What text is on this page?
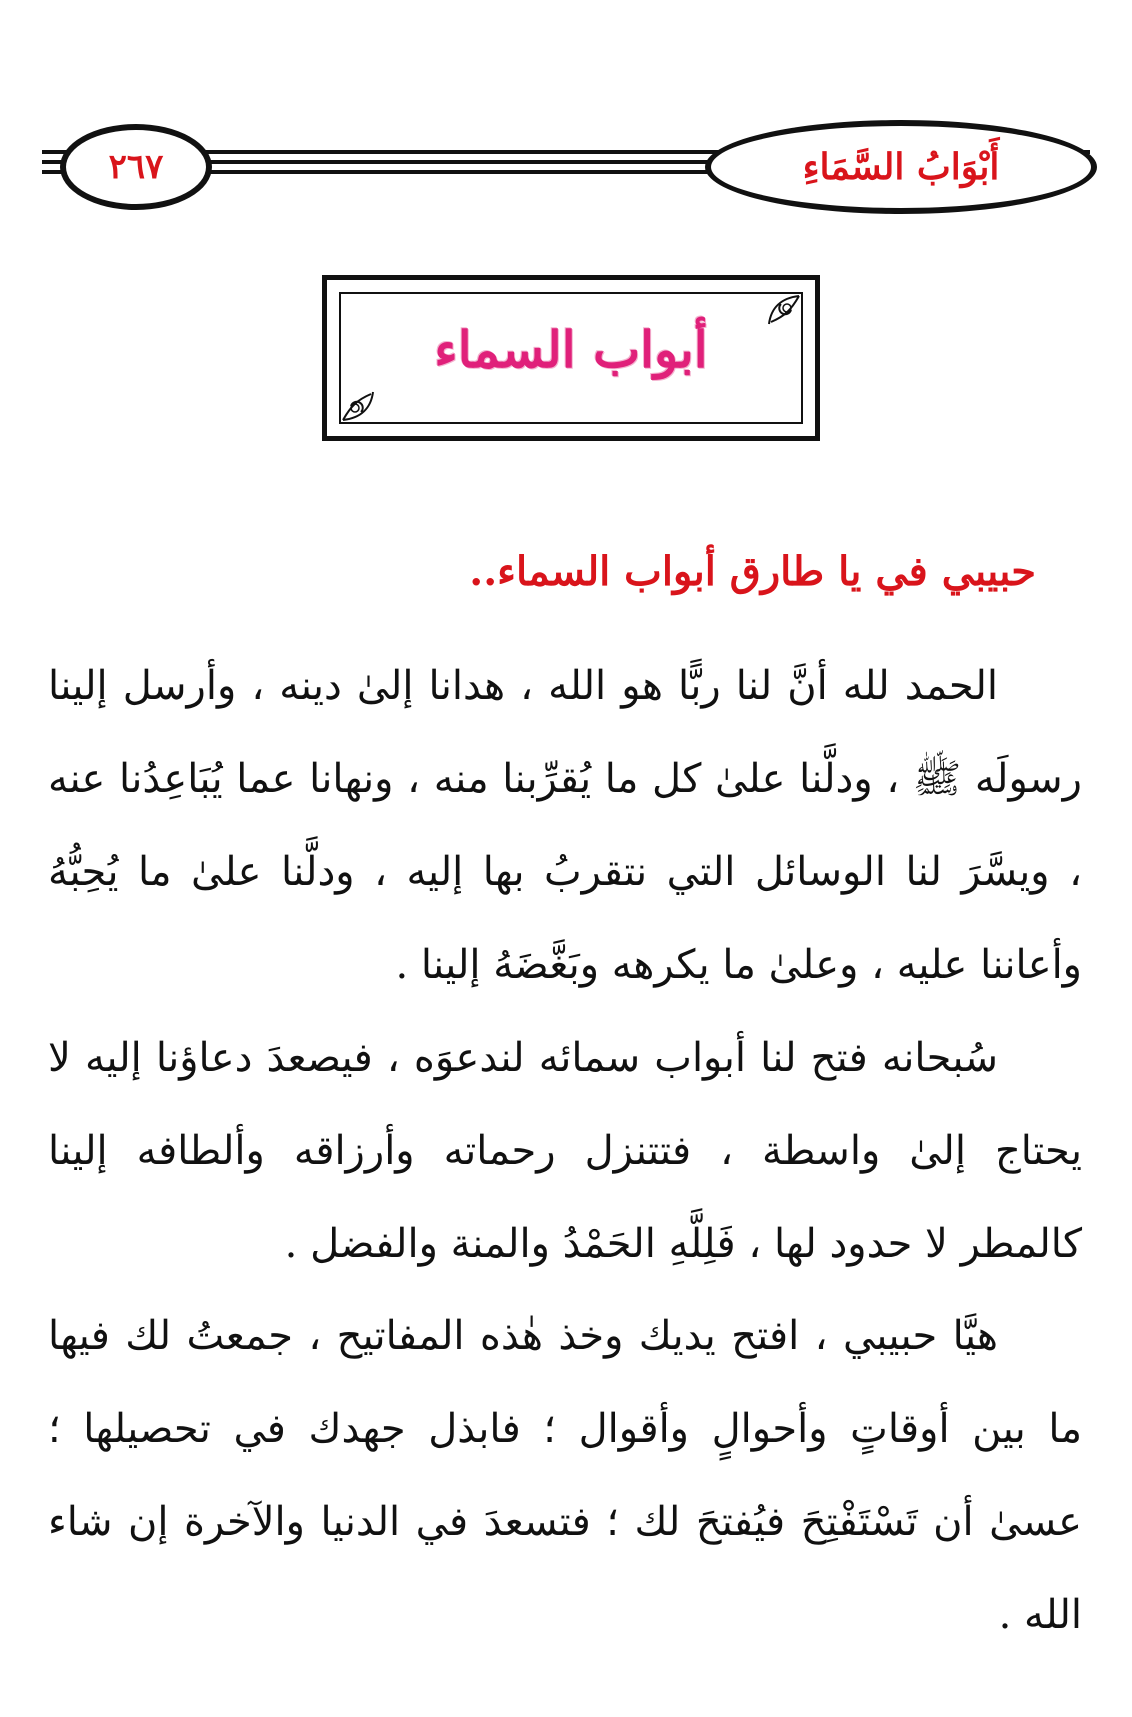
٢٦٧	أَبْوَابُ السَّمَاءِ
أبواب السماء
حبيبي في يا طارق أبواب السماء..
الحمد لله أنَّ لنا ربًّا هو الله ، هدانا إلىٰ دينه ، وأرسل إلينا رسولَه ﷺ ، ودلَّنا علىٰ كل ما يُقرِّبنا منه ، ونهانا عما يُبَاعِدُنا عنه ، ويسَّرَ لنا الوسائل التي نتقربُ بها إليه ، ودلَّنا علىٰ ما يُحِبُّهُ وأعاننا عليه ، وعلىٰ ما يكرهه وبَغَّضَهُ إلينا .
سُبحانه فتح لنا أبواب سمائه لندعوَه ، فيصعدَ دعاؤنا إليه لا يحتاج إلىٰ واسطة ، فتتنزل رحماته وأرزاقه وألطافه إلينا كالمطر لا حدود لها ، فَلِلَّهِ الحَمْدُ والمنة والفضل .
هيَّا حبيبي ، افتح يديك وخذ هٰذه المفاتيح ، جمعتُ لك فيها ما بين أوقاتٍ وأحوالٍ وأقوال ؛ فابذل جهدك في تحصيلها ؛ عسىٰ أن تَسْتَفْتِحَ فيُفتحَ لك ؛ فتسعدَ في الدنيا والآخرة إن شاء الله .
